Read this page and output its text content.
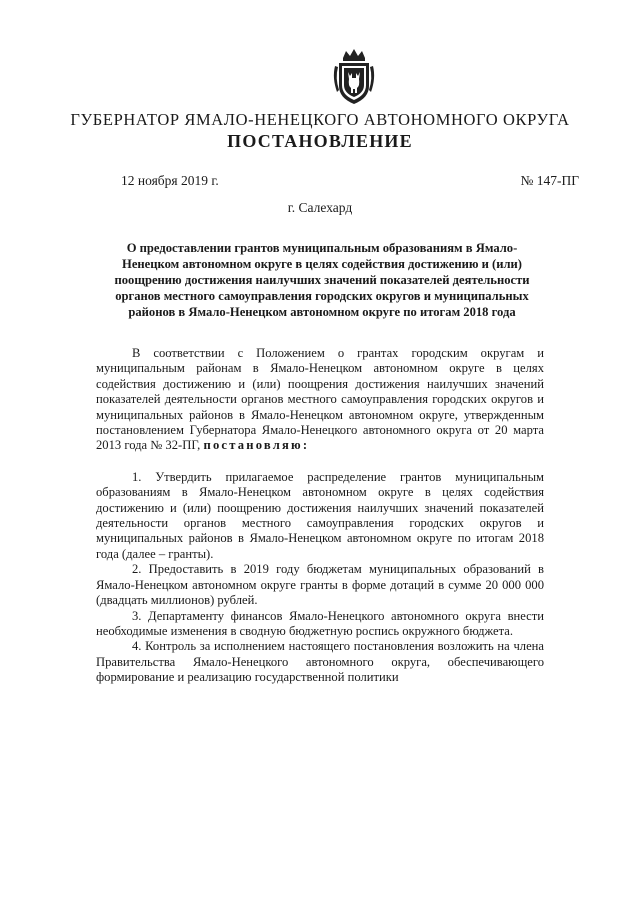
ГУБЕРНАТОР ЯМАЛО-НЕНЕЦКОГО АВТОНОМНОГО ОКРУГА
ПОСТАНОВЛЕНИЕ
12 ноября 2019 г.	№ 147-ПГ
г. Салехард
О предоставлении грантов муниципальным образованиям в Ямало-Ненецком автономном округе в целях содействия достижению и (или) поощрению достижения наилучших значений показателей деятельности органов местного самоуправления городских округов и муниципальных районов в Ямало-Ненецком автономном округе по итогам 2018 года

В соответствии с Положением о грантах городским округам и муниципальным районам в Ямало-Ненецком автономном округе в целях содействия достижению и (или) поощрения достижения наилучших значений показателей деятельности органов местного самоуправления городских округов и муниципальных районов в Ямало-Ненецком автономном округе, утвержденным постановлением Губернатора Ямало-Ненецкого автономного округа от 20 марта 2013 года № 32-ПГ, постановляю:

1. Утвердить прилагаемое распределение грантов муниципальным образованиям в Ямало-Ненецком автономном округе в целях содействия достижению и (или) поощрению достижения наилучших значений показателей деятельности органов местного самоуправления городских округов и муниципальных районов в Ямало-Ненецком автономном округе по итогам 2018 года (далее – гранты).

2. Предоставить в 2019 году бюджетам муниципальных образований в Ямало-Ненецком автономном округе гранты в форме дотаций в сумме 20 000 000 (двадцать миллионов) рублей.

3. Департаменту финансов Ямало-Ненецкого автономного округа внести необходимые изменения в сводную бюджетную роспись окружного бюджета.

4. Контроль за исполнением настоящего постановления возложить на члена Правительства Ямало-Ненецкого автономного округа, обеспечивающего формирование и реализацию государственной политики
